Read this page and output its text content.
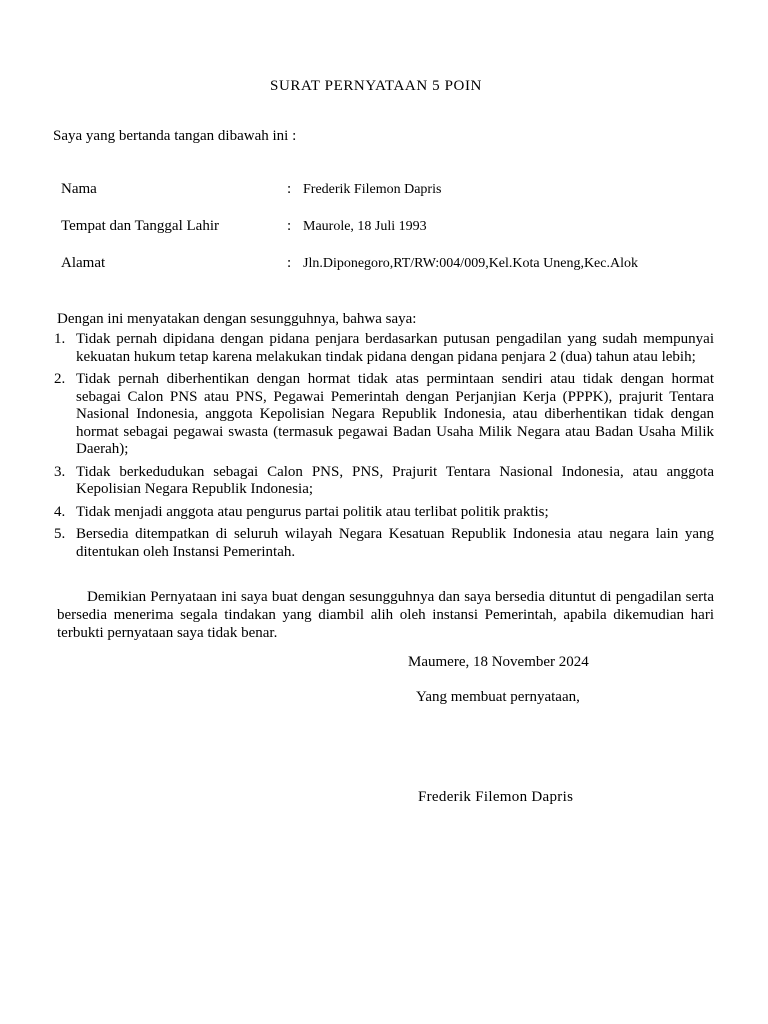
SURAT PERNYATAAN 5 POIN
Saya yang bertanda tangan dibawah ini :
Nama	: Frederik Filemon Dapris
Tempat dan Tanggal Lahir	: Maurole, 18 Juli 1993
Alamat	: Jln.Diponegoro,RT/RW:004/009,Kel.Kota Uneng,Kec.Alok
Dengan ini menyatakan dengan sesungguhnya, bahwa saya:
1. Tidak pernah dipidana dengan pidana penjara berdasarkan putusan pengadilan yang sudah mempunyai kekuatan hukum tetap karena melakukan tindak pidana dengan pidana penjara 2 (dua) tahun atau lebih;
2. Tidak pernah diberhentikan dengan hormat tidak atas permintaan sendiri atau tidak dengan hormat sebagai Calon PNS atau PNS, Pegawai Pemerintah dengan Perjanjian Kerja (PPPK), prajurit Tentara Nasional Indonesia, anggota Kepolisian Negara Republik Indonesia, atau diberhentikan tidak dengan hormat sebagai pegawai swasta (termasuk pegawai Badan Usaha Milik Negara atau Badan Usaha Milik Daerah);
3. Tidak berkedudukan sebagai Calon PNS, PNS, Prajurit Tentara Nasional Indonesia, atau anggota Kepolisian Negara Republik Indonesia;
4. Tidak menjadi anggota atau pengurus partai politik atau terlibat politik praktis;
5. Bersedia ditempatkan di seluruh wilayah Negara Kesatuan Republik Indonesia atau negara lain yang ditentukan oleh Instansi Pemerintah.
Demikian Pernyataan ini saya buat dengan sesungguhnya dan saya bersedia dituntut di pengadilan serta bersedia menerima segala tindakan yang diambil alih oleh instansi Pemerintah, apabila dikemudian hari terbukti pernyataan saya tidak benar.
Maumere, 18 November 2024
Yang membuat pernyataan,
Frederik Filemon Dapris
